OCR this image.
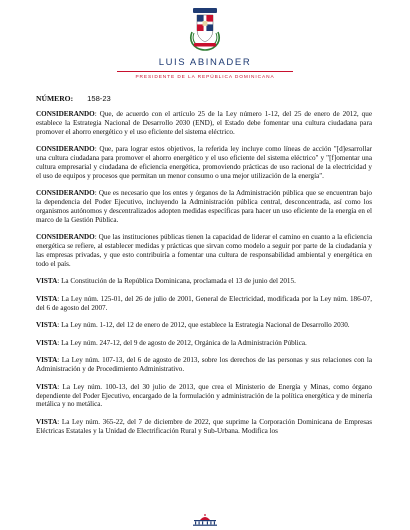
LUIS ABINADER
PRESIDENTE DE LA REPÚBLICA DOMINICANA
NÚMERO: 158-23

CONSIDERANDO: Que, de acuerdo con el artículo 25 de la Ley número 1-12, del 25 de enero de 2012, que establece la Estrategia Nacional de Desarrollo 2030 (END), el Estado debe fomentar una cultura ciudadana para promover el ahorro energético y el uso eficiente del sistema eléctrico.

CONSIDERANDO: Que, para lograr estos objetivos, la referida ley incluye como líneas de acción "[d]esarrollar una cultura ciudadana para promover el ahorro energético y el uso eficiente del sistema eléctrico" y "[f]omentar una cultura empresarial y ciudadana de eficiencia energética, promoviendo prácticas de uso racional de la electricidad y el uso de equipos y procesos que permitan un menor consumo o una mejor utilización de la energía".

CONSIDERANDO: Que es necesario que los entes y órganos de la Administración pública que se encuentran bajo la dependencia del Poder Ejecutivo, incluyendo la Administración pública central, desconcentrada, así como los organismos autónomos y descentralizados adopten medidas específicas para hacer un uso eficiente de la energía en el marco de la Gestión Pública.

CONSIDERANDO: Que las instituciones públicas tienen la capacidad de liderar el camino en cuanto a la eficiencia energética se refiere, al establecer medidas y prácticas que sirvan como modelo a seguir por parte de la ciudadanía y las empresas privadas, y que esto contribuiría a fomentar una cultura de responsabilidad ambiental y energética en todo el país.

VISTA: La Constitución de la República Dominicana, proclamada el 13 de junio del 2015.

VISTA: La Ley núm. 125-01, del 26 de julio de 2001, General de Electricidad, modificada por la Ley núm. 186-07, del 6 de agosto del 2007.

VISTA: La Ley núm. 1-12, del 12 de enero de 2012, que establece la Estrategia Nacional de Desarrollo 2030.

VISTA: La Ley núm. 247-12, del 9 de agosto de 2012, Orgánica de la Administración Pública.

VISTA: La Ley núm. 107-13, del 6 de agosto de 2013, sobre los derechos de las personas y sus relaciones con la Administración y de Procedimiento Administrativo.

VISTA: La Ley núm. 100-13, del 30 julio de 2013, que crea el Ministerio de Energía y Minas, como órgano dependiente del Poder Ejecutivo, encargado de la formulación y administración de la política energética y de minería metálica y no metálica.

VISTA: La Ley núm. 365-22, del 7 de diciembre de 2022, que suprime la Corporación Dominicana de Empresas Eléctricas Estatales y la Unidad de Electrificación Rural y Sub-Urbana. Modifica los
